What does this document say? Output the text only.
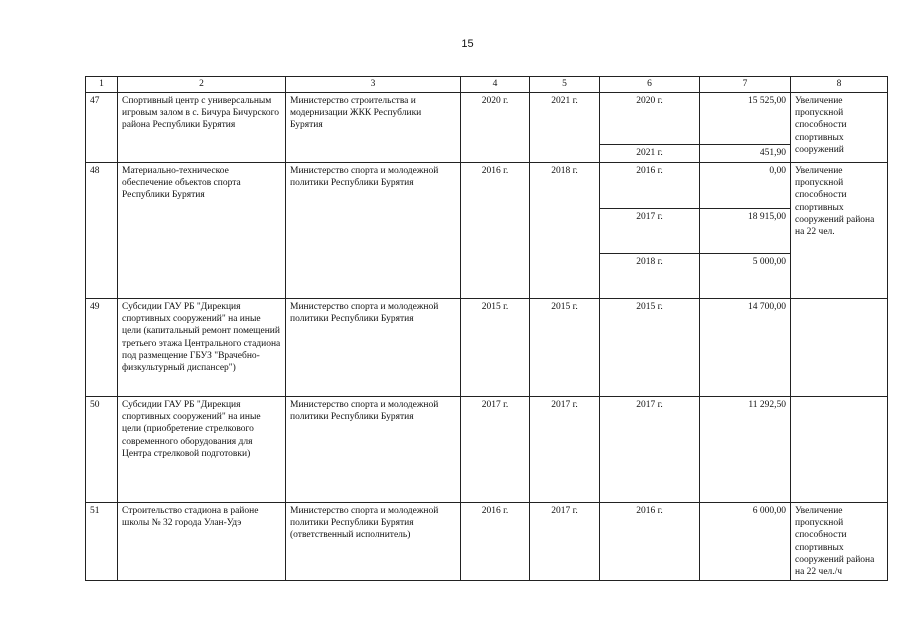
15
1	2	3	4	5	6	7	8
47	Спортивный центр с универсальным игровым залом в с. Бичура Бичурского района Республики Бурятия	Министерство строительства и модернизации ЖКК Республики Бурятия	2020 г.	2021 г.	2020 г.	15 525,00	Увеличение пропускной способности спортивных сооружений
					2021 г.	451,90	
48	Материально-техническое обеспечение объектов спорта Республики Бурятия	Министерство спорта и молодежной политики Республики Бурятия	2016 г.	2018 г.	2016 г.	0,00	Увеличение пропускной способности спортивных сооружений района на 22 чел.
					2017 г.	18 915,00	
					2018 г.	5 000,00	
49	Субсидии ГАУ РБ "Дирекция спортивных сооружений" на иные цели (капитальный ремонт помещений третьего этажа Центрального стадиона под размещение ГБУЗ "Врачебно-физкультурный диспансер")	Министерство спорта и молодежной политики Республики Бурятия	2015 г.	2015 г.	2015 г.	14 700,00	
50	Субсидии ГАУ РБ "Дирекция спортивных сооружений" на иные цели (приобретение стрелкового современного оборудования для Центра стрелковой подготовки)	Министерство спорта и молодежной политики Республики Бурятия	2017 г.	2017 г.	2017 г.	11 292,50	
51	Строительство стадиона в районе школы № 32 города Улан-Удэ	Министерство спорта и молодежной политики Республики Бурятия (ответственный исполнитель)	2016 г.	2017 г.	2016 г.	6 000,00	Увеличение пропускной способности спортивных сооружений района на 22 чел./ч
